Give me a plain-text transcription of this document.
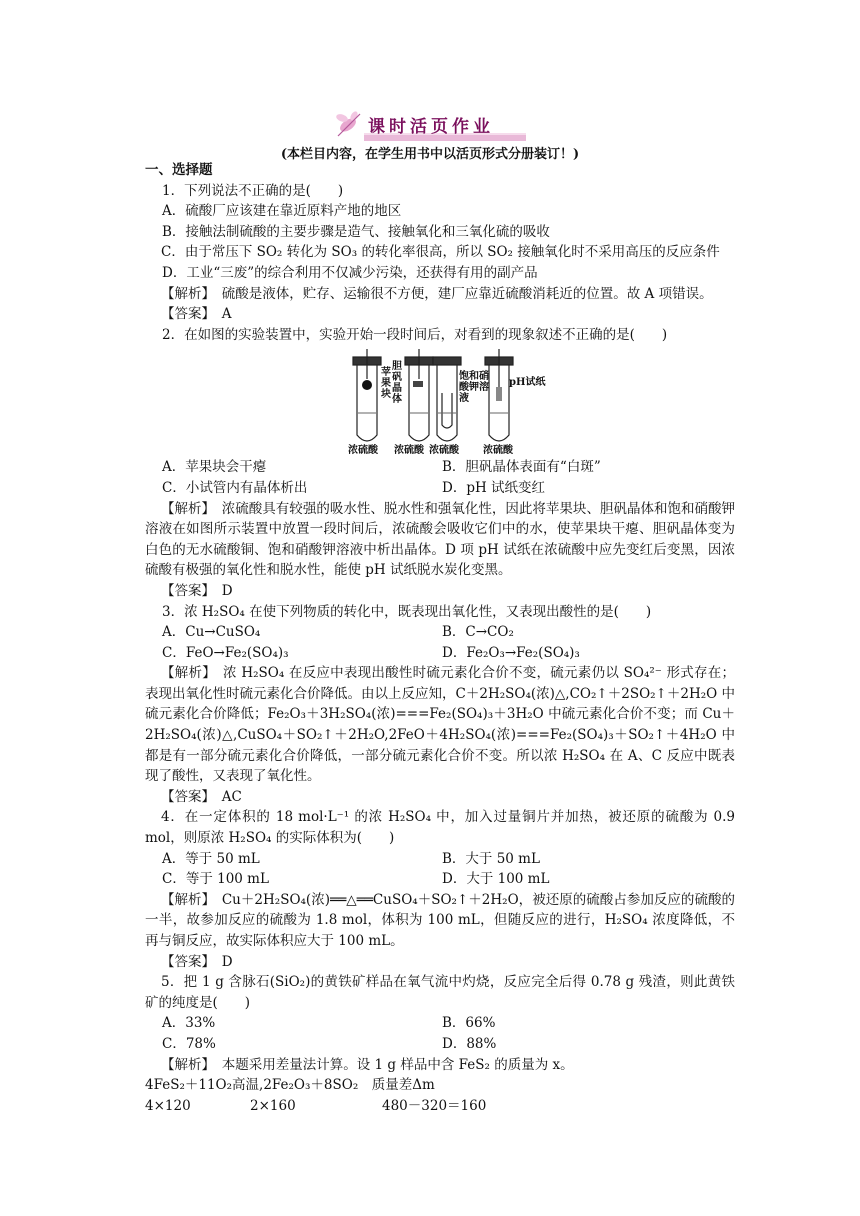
课时活页作业
(本栏目内容，在学生用书中以活页形式分册装订！)
一、选择题
1．下列说法不正确的是(　　)
A．硫酸厂应该建在靠近原料产地的地区
B．接触法制硫酸的主要步骤是造气、接触氧化和三氧化硫的吸收
C．由于常压下 SO₂ 转化为 SO₃ 的转化率很高，所以 SO₂ 接触氧化时不采用高压的反应条件
D．工业“三废”的综合利用不仅减少污染，还获得有用的副产品
【解析】　硫酸是液体，贮存、运输很不方便，建厂应靠近硫酸消耗近的位置。故 A 项错误。
【答案】　A
2．在如图的实验装置中，实验开始一段时间后，对看到的现象叙述不正确的是(　　)
苹果块
胆矾晶体
饱和硝酸钾溶液
pH试纸
浓硫酸 浓硫酸 浓硫酸 浓硫酸
A．苹果块会干瘪	B．胆矾晶体表面有“白斑”
C．小试管内有晶体析出	D．pH 试纸变红
【解析】　浓硫酸具有较强的吸水性、脱水性和强氧化性，因此将苹果块、胆矾晶体和饱和硝酸钾溶液在如图所示装置中放置一段时间后，浓硫酸会吸收它们中的水，使苹果块干瘪、胆矾晶体变为白色的无水硫酸铜、饱和硝酸钾溶液中析出晶体。D 项 pH 试纸在浓硫酸中应先变红后变黑，因浓硫酸有极强的氧化性和脱水性，能使 pH 试纸脱水炭化变黑。
【答案】　D
3．浓 H₂SO₄ 在使下列物质的转化中，既表现出氧化性，又表现出酸性的是(　　)
A．Cu→CuSO₄	B．C→CO₂
C．FeO→Fe₂(SO₄)₃	D．Fe₂O₃→Fe₂(SO₄)₃
【解析】　浓 H₂SO₄ 在反应中表现出酸性时硫元素化合价不变，硫元素仍以 SO₄²⁻ 形式存在；表现出氧化性时硫元素化合价降低。由以上反应知，C＋2H₂SO₄(浓)△,CO₂↑＋2SO₂↑＋2H₂O 中硫元素化合价降低；Fe₂O₃＋3H₂SO₄(浓)===Fe₂(SO₄)₃＋3H₂O 中硫元素化合价不变；而 Cu＋2H₂SO₄(浓)△,CuSO₄＋SO₂↑＋2H₂O,2FeO＋4H₂SO₄(浓)===Fe₂(SO₄)₃＋SO₂↑＋4H₂O 中都是有一部分硫元素化合价降低，一部分硫元素化合价不变。所以浓 H₂SO₄ 在 A、C 反应中既表现了酸性，又表现了氧化性。
【答案】　AC
4．在一定体积的 18 mol·L⁻¹ 的浓 H₂SO₄ 中，加入过量铜片并加热，被还原的硫酸为 0.9 mol，则原浓 H₂SO₄ 的实际体积为(　　)
A．等于 50 mL	B．大于 50 mL
C．等于 100 mL	D．大于 100 mL
【解析】　Cu＋2H₂SO₄(浓)══△══CuSO₄＋SO₂↑＋2H₂O，被还原的硫酸占参加反应的硫酸的一半，故参加反应的硫酸为 1.8 mol，体积为 100 mL，但随反应的进行，H₂SO₄ 浓度降低，不再与铜反应，故实际体积应大于 100 mL。
【答案】　D
5．把 1 g 含脉石(SiO₂)的黄铁矿样品在氧气流中灼烧，反应完全后得 0.78 g 残渣，则此黄铁矿的纯度是(　　)
A．33%	B．66%
C．78%	D．88%
【解析】　本题采用差量法计算。设 1 g 样品中含 FeS₂ 的质量为 x。
4FeS₂＋11O₂高温,2Fe₂O₃＋8SO₂　质量差Δm
4×120	2×160	480－320＝160
